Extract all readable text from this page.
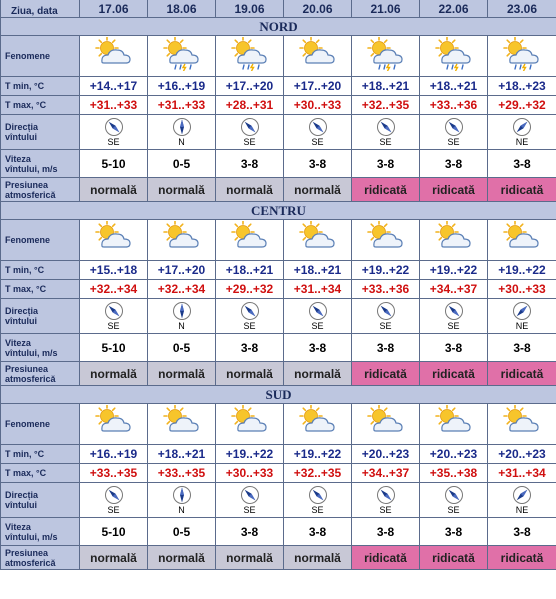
Ziua, data	17.06	18.06	19.06	20.06	21.06	22.06	23.06
NORD							
Fenomene							
T min, °C	+14..+17	+16..+19	+17..+20	+17..+20	+18..+21	+18..+21	+18..+23
T max, °C	+31..+33	+31..+33	+28..+31	+30..+33	+32..+35	+33..+36	+29..+32

Direcția
vîntului	SE	N	SE	SE	SE	SE	NE

Viteza
vîntului, m/s	5-10	0-5	3-8	3-8	3-8	3-8	3-8

Presiunea
atmosferică	normală	normală	normală	normală	ridicată	ridicată	ridicată
CENTRU							
Fenomene							
T min, °C	+15..+18	+17..+20	+18..+21	+18..+21	+19..+22	+19..+22	+19..+22
T max, °C	+32..+34	+32..+34	+29..+32	+31..+34	+33..+36	+34..+37	+30..+33

Direcția
vîntului	SE	N	SE	SE	SE	SE	NE

Viteza
vîntului, m/s	5-10	0-5	3-8	3-8	3-8	3-8	3-8

Presiunea
atmosferică	normală	normală	normală	normală	ridicată	ridicată	ridicată
SUD							
Fenomene							
T min, °C	+16..+19	+18..+21	+19..+22	+19..+22	+20..+23	+20..+23	+20..+23
T max, °C	+33..+35	+33..+35	+30..+33	+32..+35	+34..+37	+35..+38	+31..+34

Direcția
vîntului	SE	N	SE	SE	SE	SE	NE

Viteza
vîntului, m/s	5-10	0-5	3-8	3-8	3-8	3-8	3-8

Presiunea
atmosferică	normală	normală	normală	normală	ridicată	ridicată	ridicată
